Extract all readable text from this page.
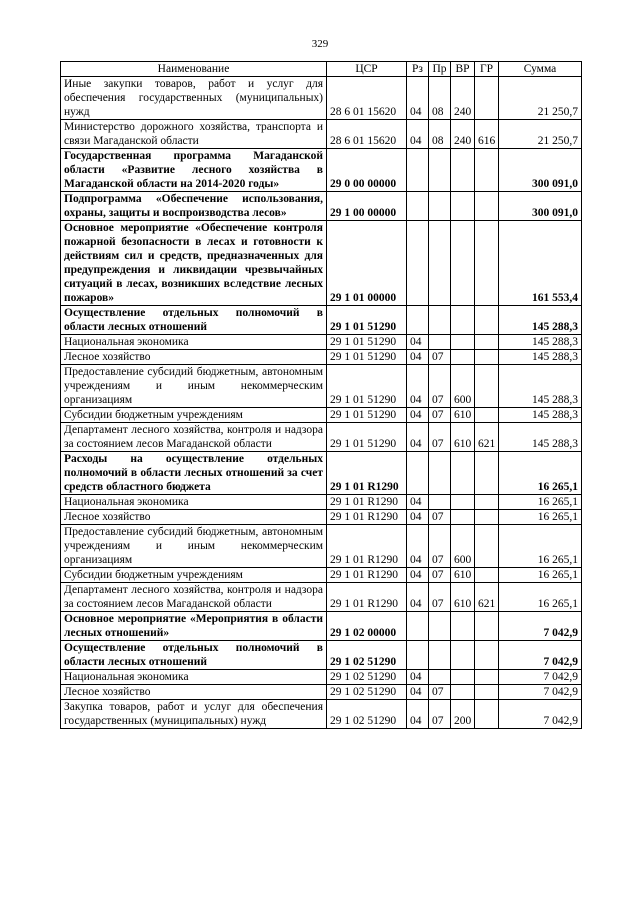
329
Наименование	ЦСР	Рз	Пр	ВР	ГР	Сумма
Иные закупки товаров, работ и услуг для обеспечения государственных (муниципальных) нужд	28 6 01 15620	04	08	240		21 250,7
Министерство дорожного хозяйства, транспорта и связи Магаданской области	28 6 01 15620	04	08	240	616	21 250,7
Государственная программа Магаданской области «Развитие лесного хозяйства в Магаданской области на 2014-2020 годы»	29 0 00 00000					300 091,0
Подпрограмма «Обеспечение использования, охраны, защиты и воспроизводства лесов»	29 1 00 00000					300 091,0
Основное мероприятие «Обеспечение контроля пожарной безопасности в лесах и готовности к действиям сил и средств, предназначенных для предупреждения и ликвидации чрезвычайных ситуаций в лесах, возникших вследствие лесных пожаров»	29 1 01 00000					161 553,4
Осуществление отдельных полномочий в области лесных отношений	29 1 01 51290					145 288,3
Национальная экономика	29 1 01 51290	04				145 288,3
Лесное хозяйство	29 1 01 51290	04	07			145 288,3
Предоставление субсидий бюджетным, автономным учреждениям и иным некоммерческим организациям	29 1 01 51290	04	07	600		145 288,3
Субсидии бюджетным учреждениям	29 1 01 51290	04	07	610		145 288,3
Департамент лесного хозяйства, контроля и надзора за состоянием лесов Магаданской области	29 1 01 51290	04	07	610	621	145 288,3
Расходы на осуществление отдельных полномочий в области лесных отношений за счет средств областного бюджета	29 1 01 R1290					16 265,1
Национальная экономика	29 1 01 R1290	04				16 265,1
Лесное хозяйство	29 1 01 R1290	04	07			16 265,1
Предоставление субсидий бюджетным, автономным учреждениям и иным некоммерческим организациям	29 1 01 R1290	04	07	600		16 265,1
Субсидии бюджетным учреждениям	29 1 01 R1290	04	07	610		16 265,1
Департамент лесного хозяйства, контроля и надзора за состоянием лесов Магаданской области	29 1 01 R1290	04	07	610	621	16 265,1
Основное мероприятие «Мероприятия в области лесных отношений»	29 1 02 00000					7 042,9
Осуществление отдельных полномочий в области лесных отношений	29 1 02 51290					7 042,9
Национальная экономика	29 1 02 51290	04				7 042,9
Лесное хозяйство	29 1 02 51290	04	07			7 042,9
Закупка товаров, работ и услуг для обеспечения государственных (муниципальных) нужд	29 1 02 51290	04	07	200		7 042,9
